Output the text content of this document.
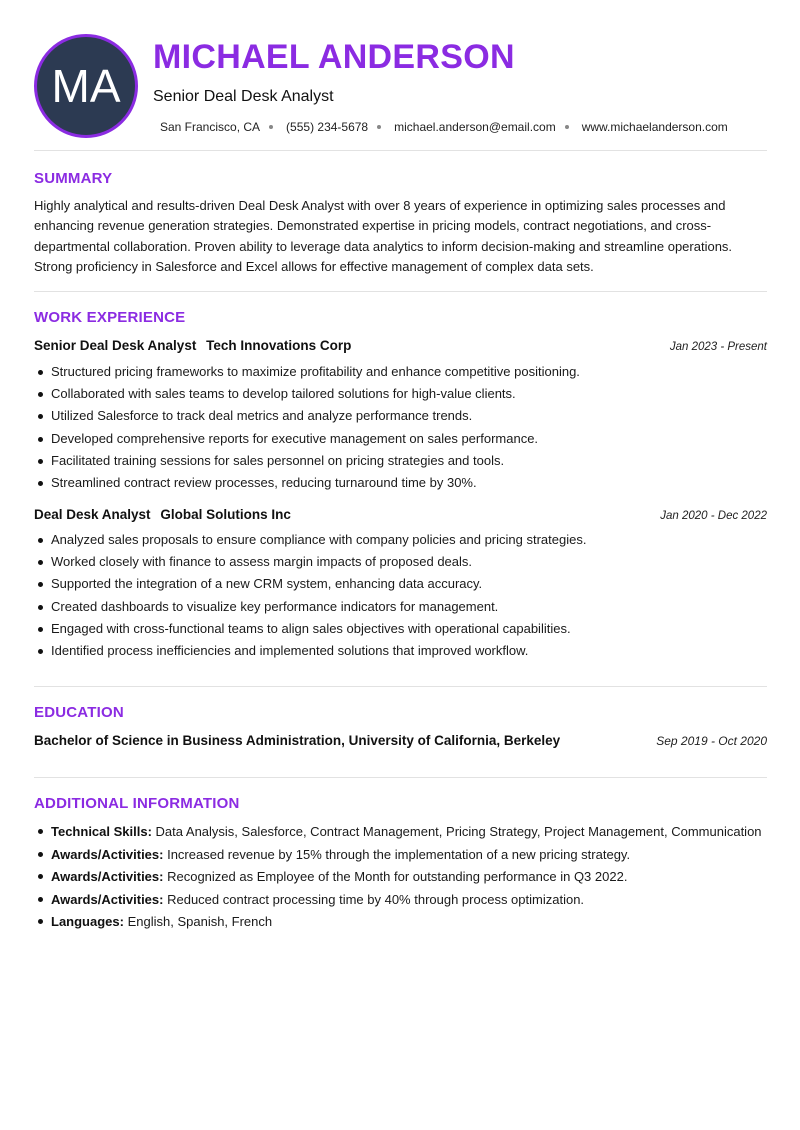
MA
MICHAEL ANDERSON
Senior Deal Desk Analyst
San Francisco, CA (555) 234-5678 michael.anderson@email.com www.michaelanderson.com
SUMMARY

Highly analytical and results-driven Deal Desk Analyst with over 8 years of experience in optimizing sales processes and enhancing revenue generation strategies. Demonstrated expertise in pricing models, contract negotiations, and cross-departmental collaboration. Proven ability to leverage data analytics to inform decision-making and streamline operations. Strong proficiency in Salesforce and Excel allows for effective management of complex data sets.

WORK EXPERIENCE
Senior Deal Desk Analyst Tech Innovations Corp	Jan 2023 - Present
Structured pricing frameworks to maximize profitability and enhance competitive positioning.
Collaborated with sales teams to develop tailored solutions for high-value clients.
Utilized Salesforce to track deal metrics and analyze performance trends.
Developed comprehensive reports for executive management on sales performance.
Facilitated training sessions for sales personnel on pricing strategies and tools.
Streamlined contract review processes, reducing turnaround time by 30%.
Deal Desk Analyst Global Solutions Inc	Jan 2020 - Dec 2022
Analyzed sales proposals to ensure compliance with company policies and pricing strategies.
Worked closely with finance to assess margin impacts of proposed deals.
Supported the integration of a new CRM system, enhancing data accuracy.
Created dashboards to visualize key performance indicators for management.
Engaged with cross-functional teams to align sales objectives with operational capabilities.
Identified process inefficiencies and implemented solutions that improved workflow.
EDUCATION
Bachelor of Science in Business Administration, University of California, Berkeley	Sep 2019 - Oct 2020
ADDITIONAL INFORMATION
Technical Skills: Data Analysis, Salesforce, Contract Management, Pricing Strategy, Project Management, Communication
Awards/Activities: Increased revenue by 15% through the implementation of a new pricing strategy.
Awards/Activities: Recognized as Employee of the Month for outstanding performance in Q3 2022.
Awards/Activities: Reduced contract processing time by 40% through process optimization.
Languages: English, Spanish, French
